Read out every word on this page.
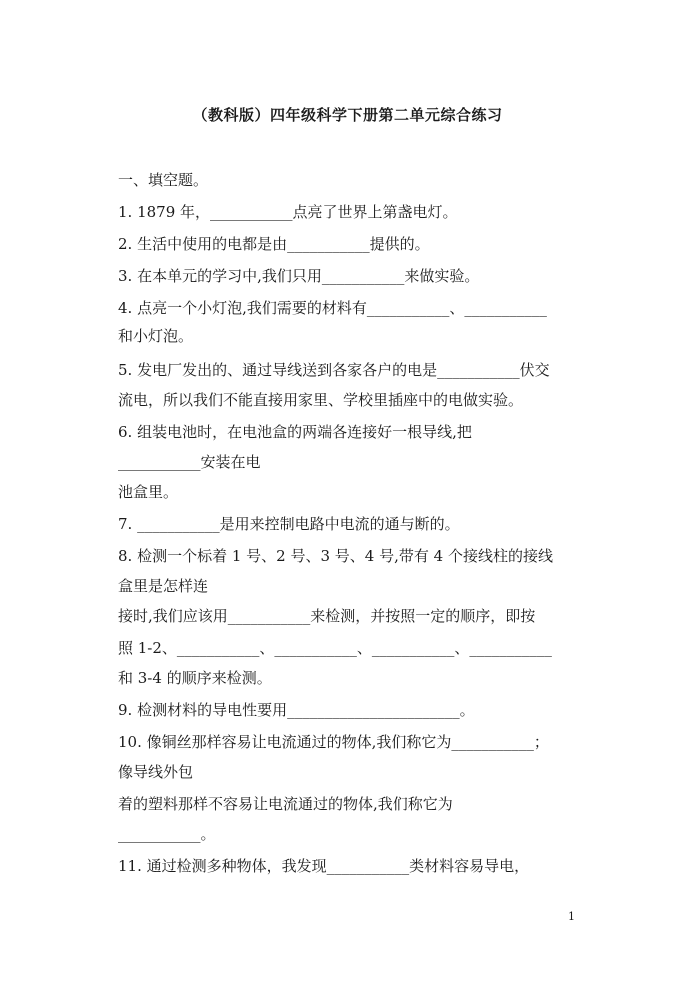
（教科版）四年级科学下册第二单元综合练习
一、填空题。
1. 1879 年，___________点亮了世界上第盏电灯。
2. 生活中使用的电都是由___________提供的。
3. 在本单元的学习中,我们只用___________来做实验。
4. 点亮一个小灯泡,我们需要的材料有___________、___________
和小灯泡。
5. 发电厂发出的、通过导线送到各家各户的电是___________伏交
流电，所以我们不能直接用家里、学校里插座中的电做实验。
6. 组装电池时，在电池盒的两端各连接好一根导线,把
___________安装在电
池盒里。
7. ___________是用来控制电路中电流的通与断的。
8. 检测一个标着 1 号、2 号、3 号、4 号,带有 4 个接线柱的接线
盒里是怎样连
接时,我们应该用___________来检测，并按照一定的顺序，即按
照 1-2、___________、___________、___________、___________
和 3-4 的顺序来检测。
9. 检测材料的导电性要用_______________________。
10. 像铜丝那样容易让电流通过的物体,我们称它为___________；
像导线外包
着的塑料那样不容易让电流通过的物体,我们称它为
___________。
11. 通过检测多种物体，我发现___________类材料容易导电，
1
